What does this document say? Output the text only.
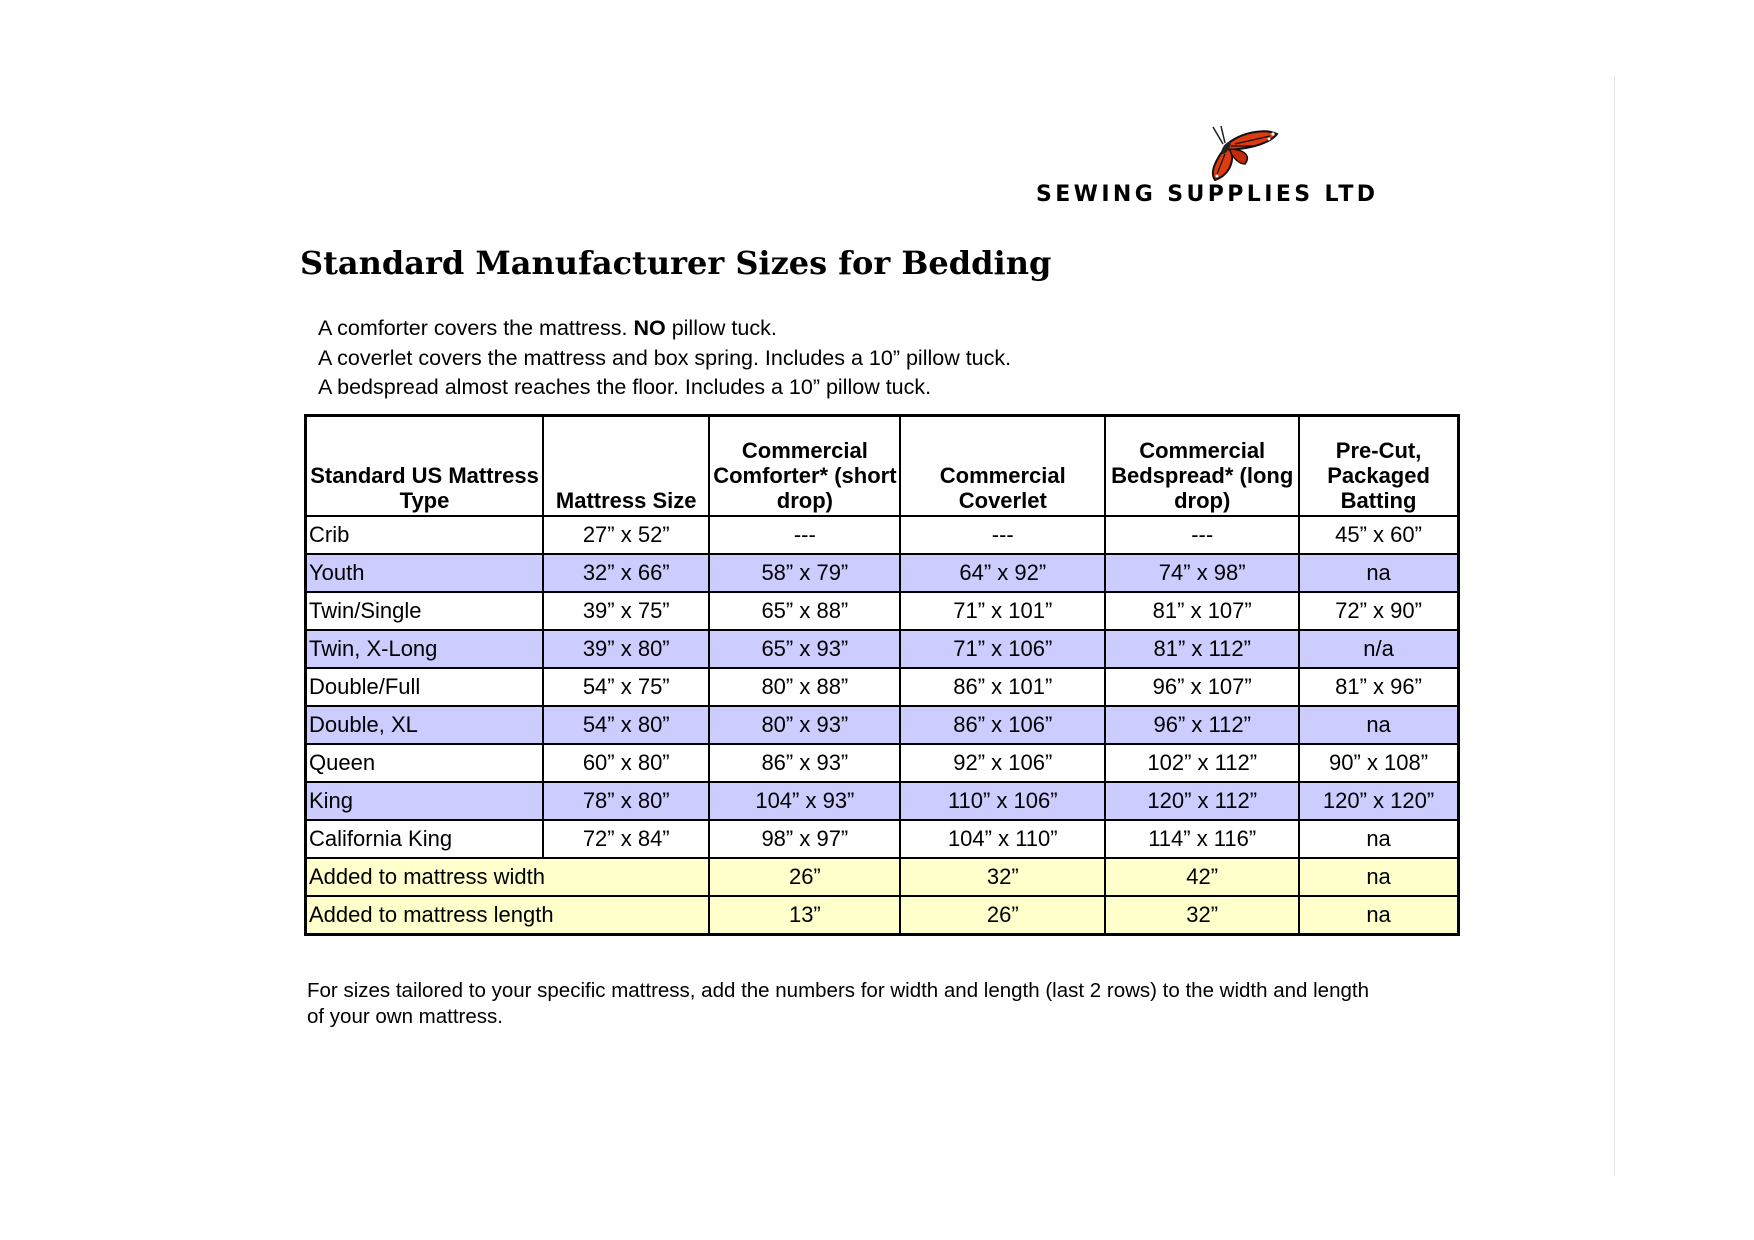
SEWING SUPPLIES LTD
Standard Manufacturer Sizes for Bedding
A comforter covers the mattress. NO pillow tuck.
A coverlet covers the mattress and box spring. Includes a 10” pillow tuck.
A bedspread almost reaches the floor. Includes a 10” pillow tuck.
Standard US Mattress Type	Mattress Size	Commercial Comforter* (short drop)	Commercial Coverlet	Commercial Bedspread* (long drop)	Pre-Cut, Packaged Batting
Crib	27” x 52”	---	---	---	45” x 60”
Youth	32” x 66”	58” x 79”	64” x 92”	74” x 98”	na
Twin/Single	39” x 75”	65” x 88”	71” x 101”	81” x 107”	72” x 90”
Twin, X-Long	39” x 80”	65” x 93”	71” x 106”	81” x 112”	n/a
Double/Full	54” x 75”	80” x 88”	86” x 101”	96” x 107”	81” x 96”
Double, XL	54” x 80”	80” x 93”	86” x 106”	96” x 112”	na
Queen	60” x 80”	86” x 93”	92” x 106”	102” x 112”	90” x 108”
King	78” x 80”	104” x 93”	110” x 106”	120” x 112”	120” x 120”
California King	72” x 84”	98” x 97”	104” x 110”	114” x 116”	na
Added to mattress width		26”	32”	42”	na
Added to mattress length		13”	26”	32”	na

For sizes tailored to your specific mattress, add the numbers for width and length (last 2 rows) to the width and length of your own mattress.
